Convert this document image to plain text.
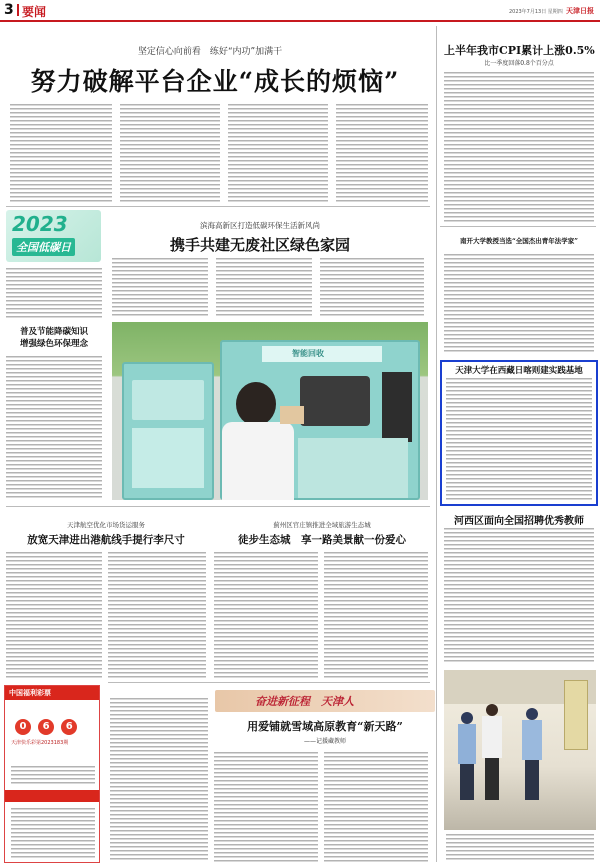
3 要闻	2023年7月13日 星期四 天津日报
坚定信心向前看　练好“内功”加满干
努力破解平台企业“成长的烦恼”
上半年我市CPI累计上涨0.5%
比一季度回落0.8个百分点
南开大学教授当选“全国杰出青年法学家”
天津大学在西藏日喀则建实践基地
河西区面向全国招聘优秀教师
2023
全国低碳日
滨海高新区打造低碳环保生活新风尚
携手共建无废社区绿色家园
普及节能降碳知识
增强绿色环保理念
智能回收
天津航空优化市场货运服务
放宽天津进出港航线手提行李尺寸
蓟州区官庄镇推进全域旅游生态城
徒步生态城　享一路美景献一份爱心
中国福利彩票
0 6 6
天津快乐彩第2023183期
奋进新征程　天津人
用爱铺就雪域高原教育“新天路”
——记援藏教师
